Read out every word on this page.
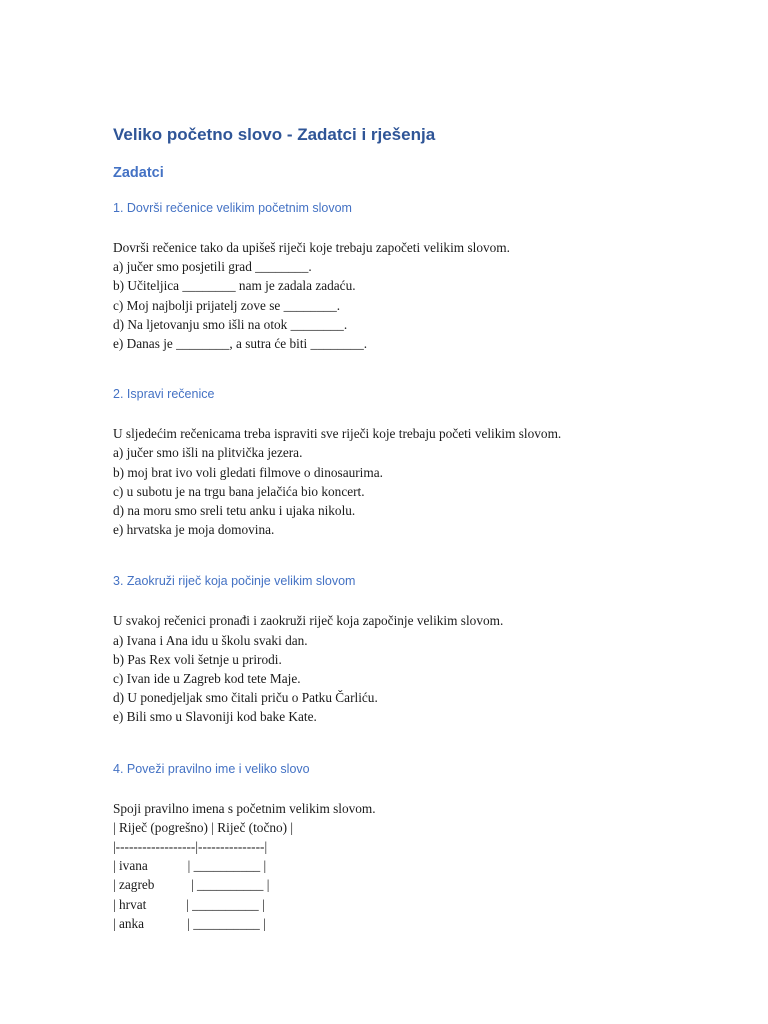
Veliko početno slovo - Zadatci i rješenja
Zadatci
1. Dovrši rečenice velikim početnim slovom
Dovrši rečenice tako da upišeš riječi koje trebaju započeti velikim slovom.
a) jučer smo posjetili grad ________.
b) Učiteljica ________ nam je zadala zadaću.
c) Moj najbolji prijatelj zove se ________.
d) Na ljetovanju smo išli na otok ________.
e) Danas je ________, a sutra će biti ________.
2. Ispravi rečenice
U sljedećim rečenicama treba ispraviti sve riječi koje trebaju početi velikim slovom.
a) jučer smo išli na plitvička jezera.
b) moj brat ivo voli gledati filmove o dinosaurima.
c) u subotu je na trgu bana jelačića bio koncert.
d) na moru smo sreli tetu anku i ujaka nikolu.
e) hrvatska je moja domovina.
3. Zaokruži riječ koja počinje velikim slovom
U svakoj rečenici pronađi i zaokruži riječ koja započinje velikim slovom.
a) Ivana i Ana idu u školu svaki dan.
b) Pas Rex voli šetnje u prirodi.
c) Ivan ide u Zagreb kod tete Maje.
d) U ponedjeljak smo čitali priču o Patku Čarliću.
e) Bili smo u Slavoniji kod bake Kate.
4. Poveži pravilno ime i veliko slovo
Spoji pravilno imena s početnim velikim slovom.
| Riječ (pogrešno) | Riječ (točno) |
|------------------|---------------|
| ivana            | __________ |
| zagreb           | __________ |
| hrvat            | __________ |
| anka             | __________ |
